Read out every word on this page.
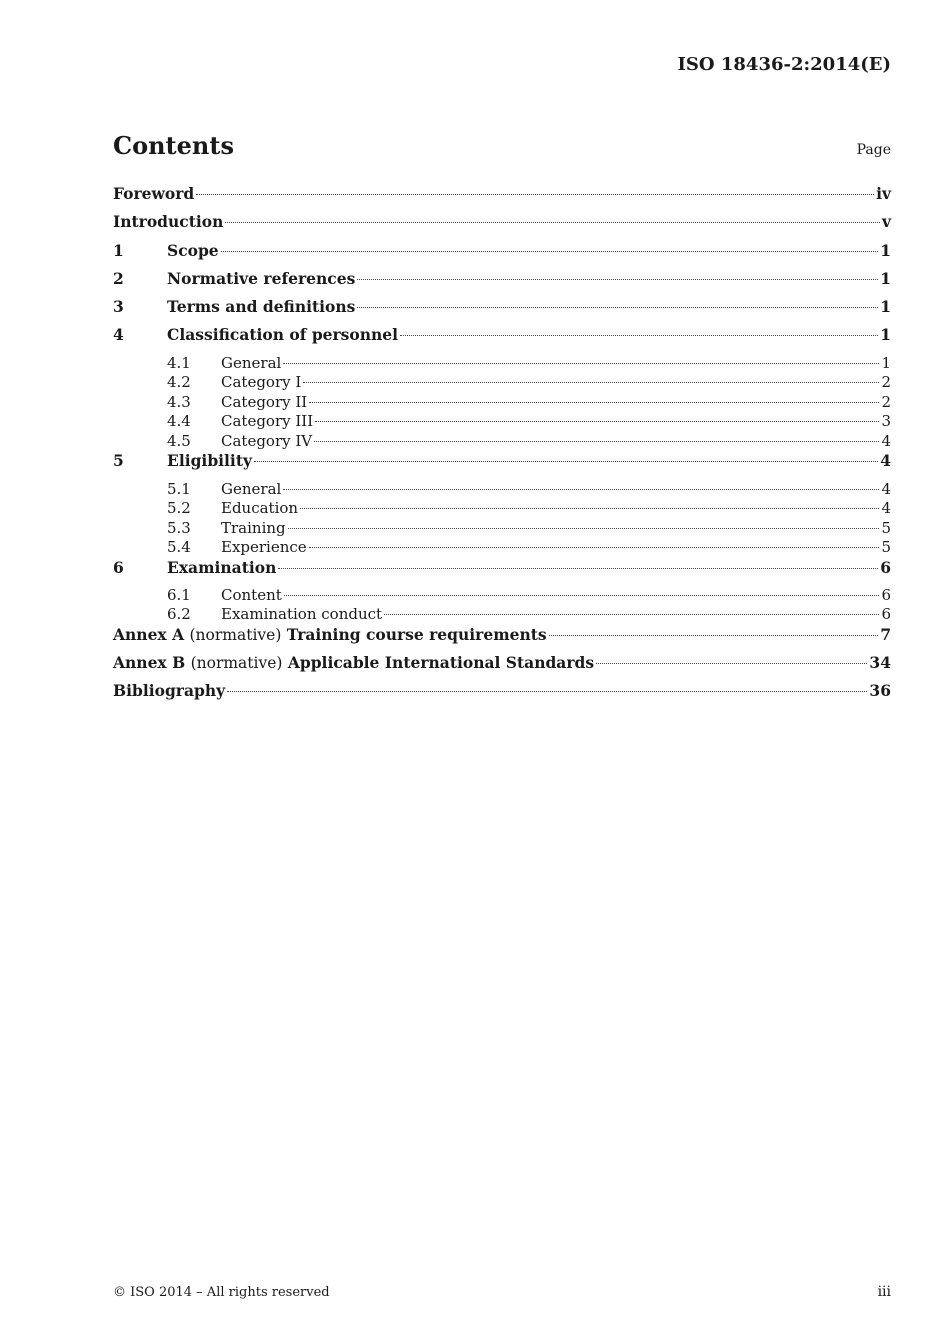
ISO 18436-2:2014(E)
Contents	Page
Foreword	iv
Introduction	v
1	Scope	1
2	Normative references	1
3	Terms and definitions	1
4	Classification of personnel	1
4.1	General	1
4.2	Category I	2
4.3	Category II	2
4.4	Category III	3
4.5	Category IV	4
5	Eligibility	4
5.1	General	4
5.2	Education	4
5.3	Training	5
5.4	Experience	5
6	Examination	6
6.1	Content	6
6.2	Examination conduct	6
Annex A (normative) Training course requirements	7
Annex B (normative) Applicable International Standards	34
Bibliography	36
© ISO 2014 – All rights reserved	iii
